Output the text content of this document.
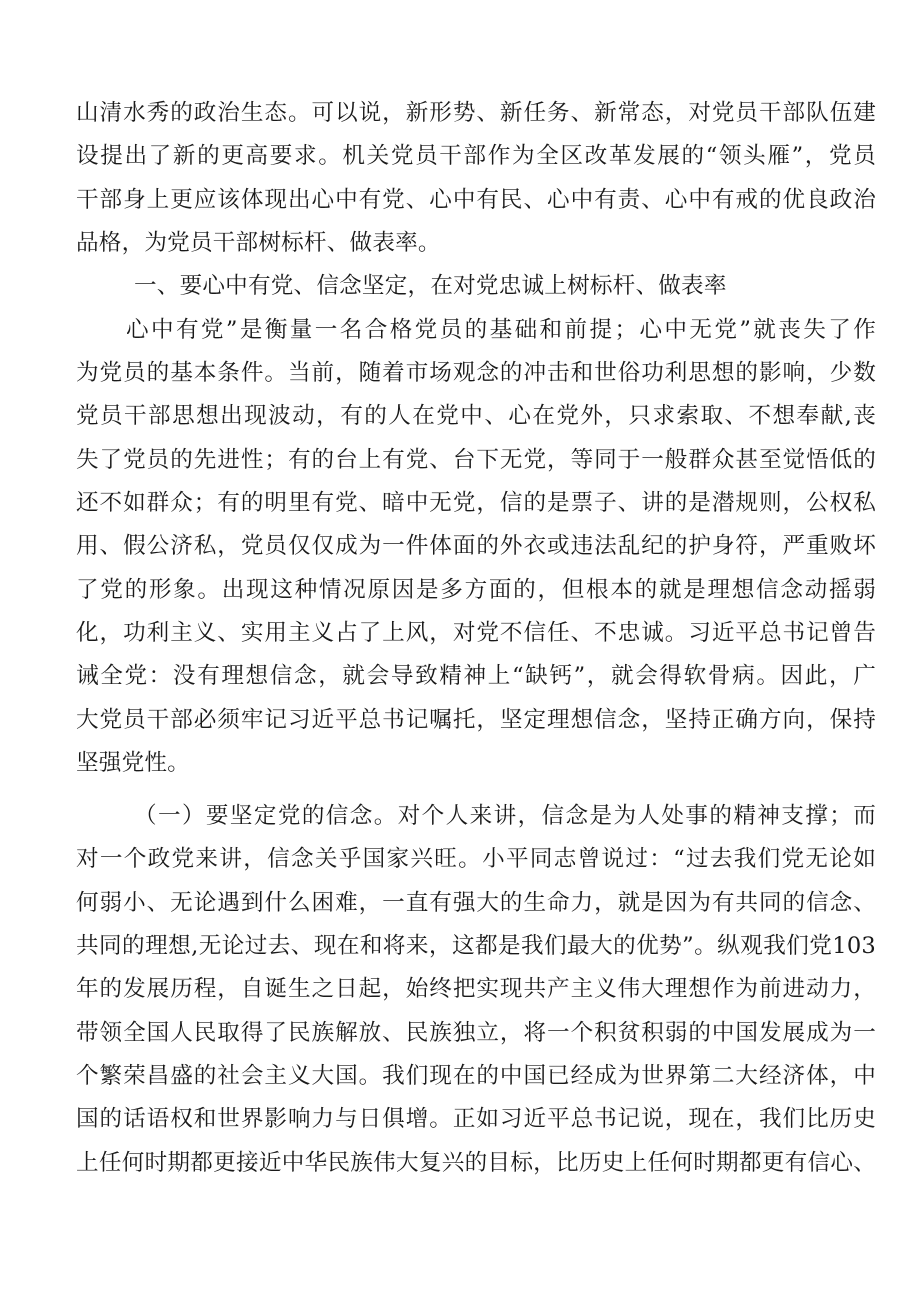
山清水秀的政治生态。可以说，新形势、新任务、新常态，对党员干部队伍建
设提出了新的更高要求。机关党员干部作为全区改革发展的“领头雁”，党员
干部身上更应该体现出心中有党、心中有民、心中有责、心中有戒的优良政治
品格，为党员干部树标杆、做表率。
一、要心中有党、信念坚定，在对党忠诚上树标杆、做表率
心中有党”是衡量一名合格党员的基础和前提；心中无党”就丧失了作
为党员的基本条件。当前，随着市场观念的冲击和世俗功利思想的影响，少数
党员干部思想出现波动，有的人在党中、心在党外，只求索取、不想奉献,丧
失了党员的先进性；有的台上有党、台下无党，等同于一般群众甚至觉悟低的
还不如群众；有的明里有党、暗中无党，信的是票子、讲的是潜规则，公权私
用、假公济私，党员仅仅成为一件体面的外衣或违法乱纪的护身符，严重败坏
了党的形象。出现这种情况原因是多方面的，但根本的就是理想信念动摇弱
化，功利主义、实用主义占了上风，对党不信任、不忠诚。习近平总书记曾告
诫全党：没有理想信念，就会导致精神上“缺钙”，就会得软骨病。因此，广
大党员干部必须牢记习近平总书记嘱托，坚定理想信念，坚持正确方向，保持
坚强党性。
（一）要坚定党的信念。对个人来讲，信念是为人处事的精神支撑；而
对一个政党来讲，信念关乎国家兴旺。小平同志曾说过：“过去我们党无论如
何弱小、无论遇到什么困难，一直有强大的生命力，就是因为有共同的信念、
共同的理想,无论过去、现在和将来，这都是我们最大的优势”。纵观我们党103
年的发展历程，自诞生之日起，始终把实现共产主义伟大理想作为前进动力，
带领全国人民取得了民族解放、民族独立，将一个积贫积弱的中国发展成为一
个繁荣昌盛的社会主义大国。我们现在的中国已经成为世界第二大经济体，中
国的话语权和世界影响力与日俱增。正如习近平总书记说，现在，我们比历史
上任何时期都更接近中华民族伟大复兴的目标，比历史上任何时期都更有信心、
